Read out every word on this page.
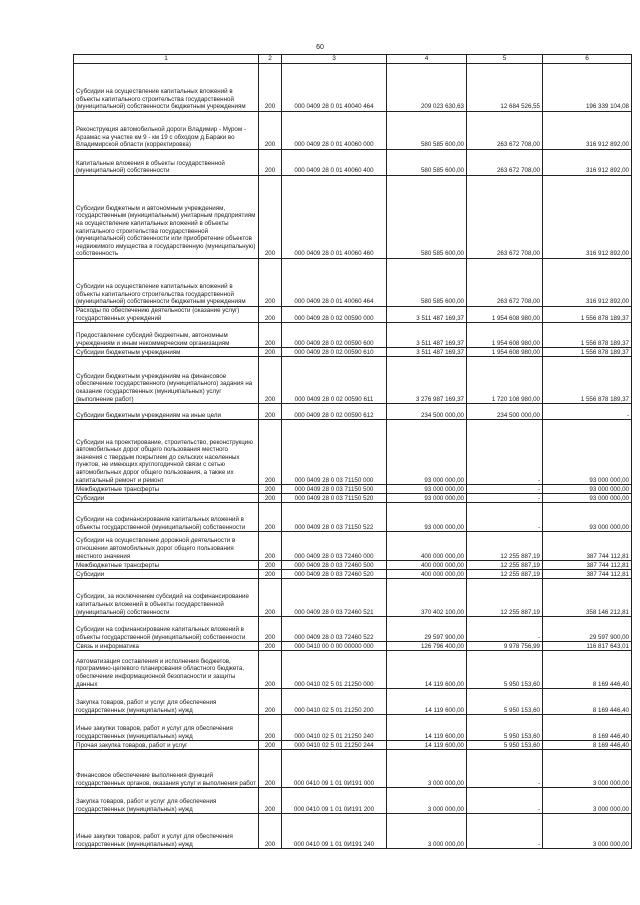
60
1	2	3	4	5	6
Субсидии на осуществление капитальных вложений в объекты капитального строительства государственной (муниципальной) собственности бюджетным учреждениям	200	000 0409 28 0 01 40040 464	209 023 630,63	12 684 526,55	196 339 104,08
Реконструкция автомобильной дороги Владимир - Муром - Арзамас на участке км 9 - км 19 с обходом д.Бараки во Владимирской области (корректировка)	200	000 0409 28 0 01 40060 000	580 585 600,00	263 672 708,00	316 912 892,00
Капитальные вложения в объекты государственной (муниципальной) собственности	200	000 0409 28 0 01 40060 400	580 585 600,00	263 672 708,00	316 912 892,00
Субсидии бюджетным и автономным учреждениям, государственным (муниципальным) унитарным предприятиям на осуществление капитальных вложений в объекты капитального строительства государственной (муниципальной) собственности или приобретение объектов недвижимого имущества в государственную (муниципальную) собственность	200	000 0409 28 0 01 40060 460	580 585 600,00	263 672 708,00	316 912 892,00
Субсидии на осуществление капитальных вложений в объекты капитального строительства государственной (муниципальной) собственности бюджетным учреждениям	200	000 0409 28 0 01 40060 464	580 585 600,00	263 672 708,00	316 912 892,00
Расходы по обеспечению деятельности (оказание услуг) государственных учреждений	200	000 0409 28 0 02 00590 000	3 511 487 169,37	1 954 608 980,00	1 556 878 189,37
Предоставление субсидий бюджетным, автономным учреждениям и иным некоммерческим организациям	200	000 0409 28 0 02 00590 600	3 511 487 169,37	1 954 608 980,00	1 556 878 189,37
Субсидии бюджетным учреждениям	200	000 0409 28 0 02 00590 610	3 511 487 169,37	1 954 608 980,00	1 556 878 189,37
Субсидии бюджетным учреждениям на финансовое обеспечение государственного (муниципального) задания на оказание государственных (муниципальных) услуг (выполнение работ)	200	000 0409 28 0 02 00590 611	3 276 987 169,37	1 720 108 980,00	1 556 878 189,37
Субсидии бюджетным учреждениям на иные цели	200	000 0409 28 0 02 00590 612	234 500 000,00	234 500 000,00	-
Субсидии на проектирование, строительство, реконструкцию автомобильных дорог общего пользования местного значения с твердым покрытием до сельских населенных пунктов, не имеющих круглогодичной связи с сетью автомобильных дорог общего пользования, а также их капитальный ремонт и ремонт	200	000 0409 28 0 03 71150 000	93 000 000,00	-	93 000 000,00
Межбюджетные трансферты	200	000 0409 28 0 03 71150 500	93 000 000,00	-	93 000 000,00
Субсидии	200	000 0409 28 0 03 71150 520	93 000 000,00	-	93 000 000,00
Субсидии на софинансирование капитальных вложений в объекты государственной (муниципальной) собственности	200	000 0409 28 0 03 71150 522	93 000 000,00	-	93 000 000,00
Субсидии на осуществление дорожной деятельности в отношении автомобильных дорог общего пользования местного значения	200	000 0409 28 0 03 72460 000	400 000 000,00	12 255 887,19	387 744 112,81
Межбюджетные трансферты	200	000 0409 28 0 03 72460 500	400 000 000,00	12 255 887,19	387 744 112,81
Субсидии	200	000 0409 28 0 03 72460 520	400 000 000,00	12 255 887,19	387 744 112,81
Субсидии, за исключением субсидий на софинансирование капитальных вложений в объекты государственной (муниципальной) собственности	200	000 0409 28 0 03 72460 521	370 402 100,00	12 255 887,19	358 146 212,81
Субсидии на софинансирование капитальных вложений в объекты государственной (муниципальной) собственности	200	000 0409 28 0 03 72460 522	29 597 900,00	-	29 597 900,00
Связь и информатика	200	000 0410 00 0 00 00000 000	126 796 400,00	9 978 756,99	116 817 643,01
Автоматизация составления и исполнения бюджетов, программно-целевого планирования областного бюджета, обеспечение информационной безопасности и защиты данных	200	000 0410 02 5 01 21250 000	14 119 600,00	5 950 153,60	8 169 446,40
Закупка товаров, работ и услуг для обеспечения государственных (муниципальных) нужд	200	000 0410 02 5 01 21250 200	14 119 600,00	5 950 153,60	8 169 446,40
Иные закупки товаров, работ и услуг для обеспечения государственных (муниципальных) нужд	200	000 0410 02 5 01 21250 240	14 119 600,00	5 950 153,60	8 169 446,40
Прочая закупка товаров, работ и услуг	200	000 0410 02 5 01 21250 244	14 119 600,00	5 950 153,60	8 169 446,40
Финансовое обеспечение выполнения функций государственных органов, оказания услуг и выполнения работ	200	000 0410 09 1 01 0И191 000	3 000 000,00	-	3 000 000,00
Закупка товаров, работ и услуг для обеспечения государственных (муниципальных) нужд	200	000 0410 09 1 01 0И191 200	3 000 000,00	-	3 000 000,00
Иные закупки товаров, работ и услуг для обеспечения государственных (муниципальных) нужд	200	000 0410 09 1 01 0И191 240	3 000 000,00	-	3 000 000,00
